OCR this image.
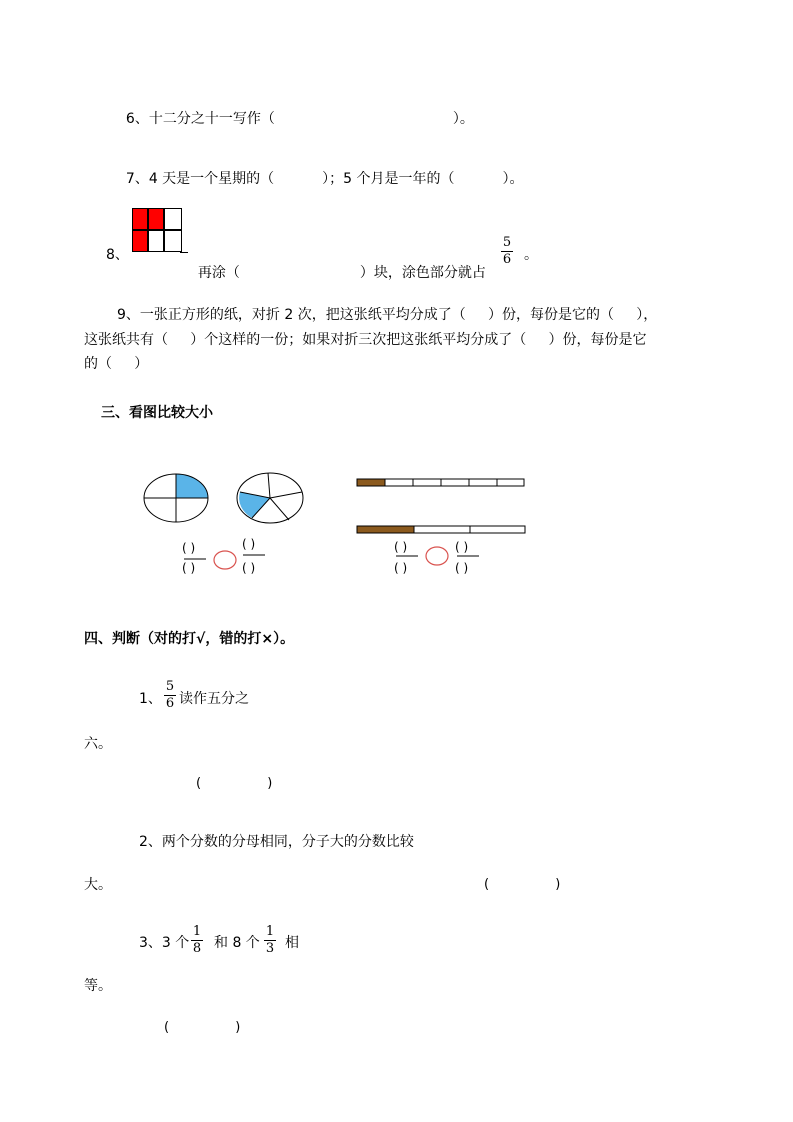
6、十二分之十一写作（	）。

7、4 天是一个星期的（	）；5 个月是一年的（	）。

8、

再涂（	）块，涂色部分就占

5
6 。
9、一张正方形的纸，对折 2 次，把这张纸平均分成了（     ）份，每份是它的（     ），
这张纸共有（     ）个这样的一份；如果对折三次把这张纸平均分成了（     ）份，每份是它
的（     ）
三、看图比较大小
( )
( )
( )
( )
( )
( )
( )
( )
四、判断（对的打√，错的打×）。
1、
5
6 读作五分之
六。
(                )
2、两个分数的分母相同，分子大的分数比较
大。	(                )
3、3 个
1
8 和 8 个
1
3 相
等。
(                )
